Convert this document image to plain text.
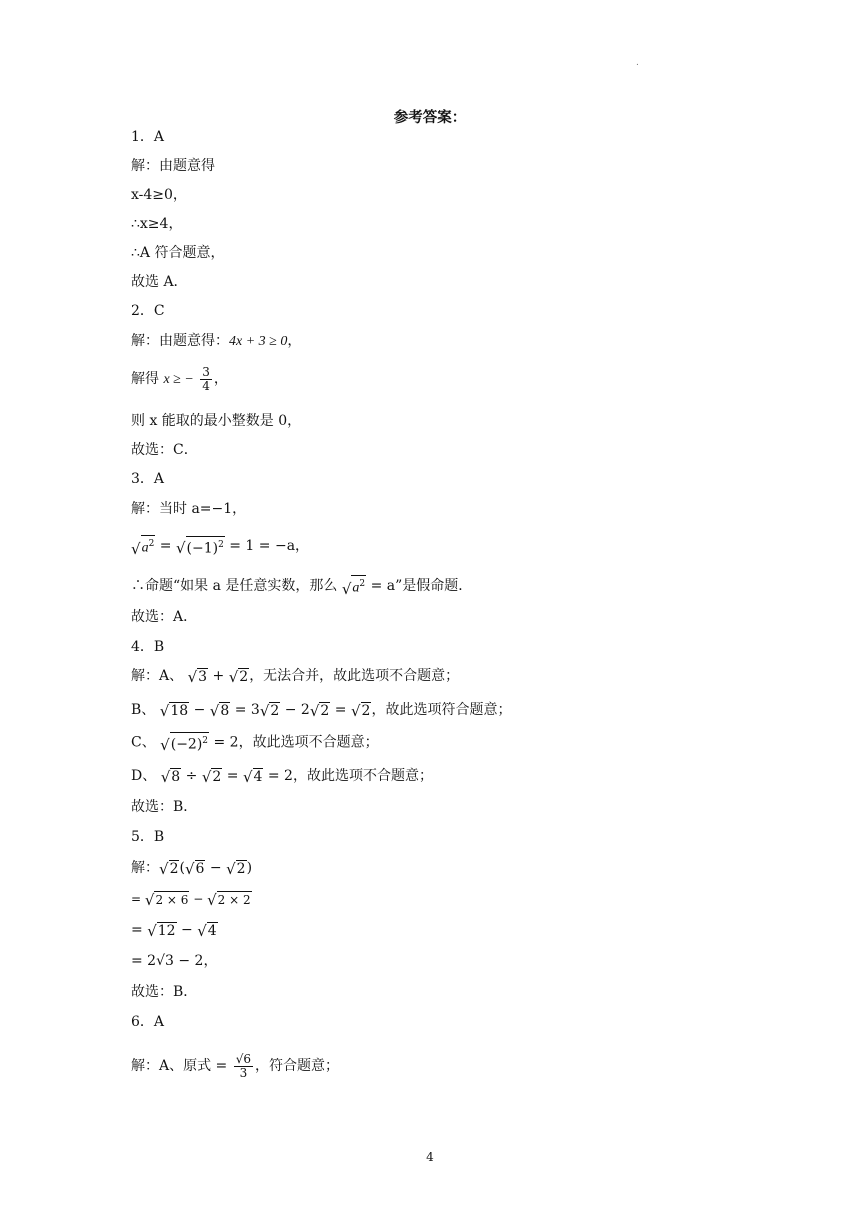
.
参考答案：
1．A
解：由题意得
x-4≥0，
∴x≥4，
∴A 符合题意，
故选 A．
2．C
解：由题意得：4x + 3 ≥ 0，
解得 x ≥ − $\frac{3}{4}$ ，
则 x 能取的最小整数是 0，
故选：C．
3．A
解：当时 a=−1，
√ $a^2$ = √ $(-1)^2 = 1 = -a$，
∴命题“如果 a 是任意实数，那么 √ $a^2 = a$”是假命题．
故选：A．
4．B
解：A、 √ 3 + √ 2 ，无法合并，故此选项不合题意；
B、 √ 18 − √ 8 = 3 √ 2 − 2 √ 2 = √ 2 ，故此选项符合题意；
C、 √ $(-2)^2 = 2$，故此选项不合题意；
D、 √ 8 ÷ √ 2 = √ 4 = 2，故此选项不合题意；
故选：B．
5．B
解： √ 2 ( √ 6 − √ 2 )
= √ 2 × 6 − √ 2 × 2
= √ 12 − √ 4
= 2√3 − 2，
故选：B．
6．A
解：A、原式 = $\frac{√6}{3}$ ，符合题意；
4
